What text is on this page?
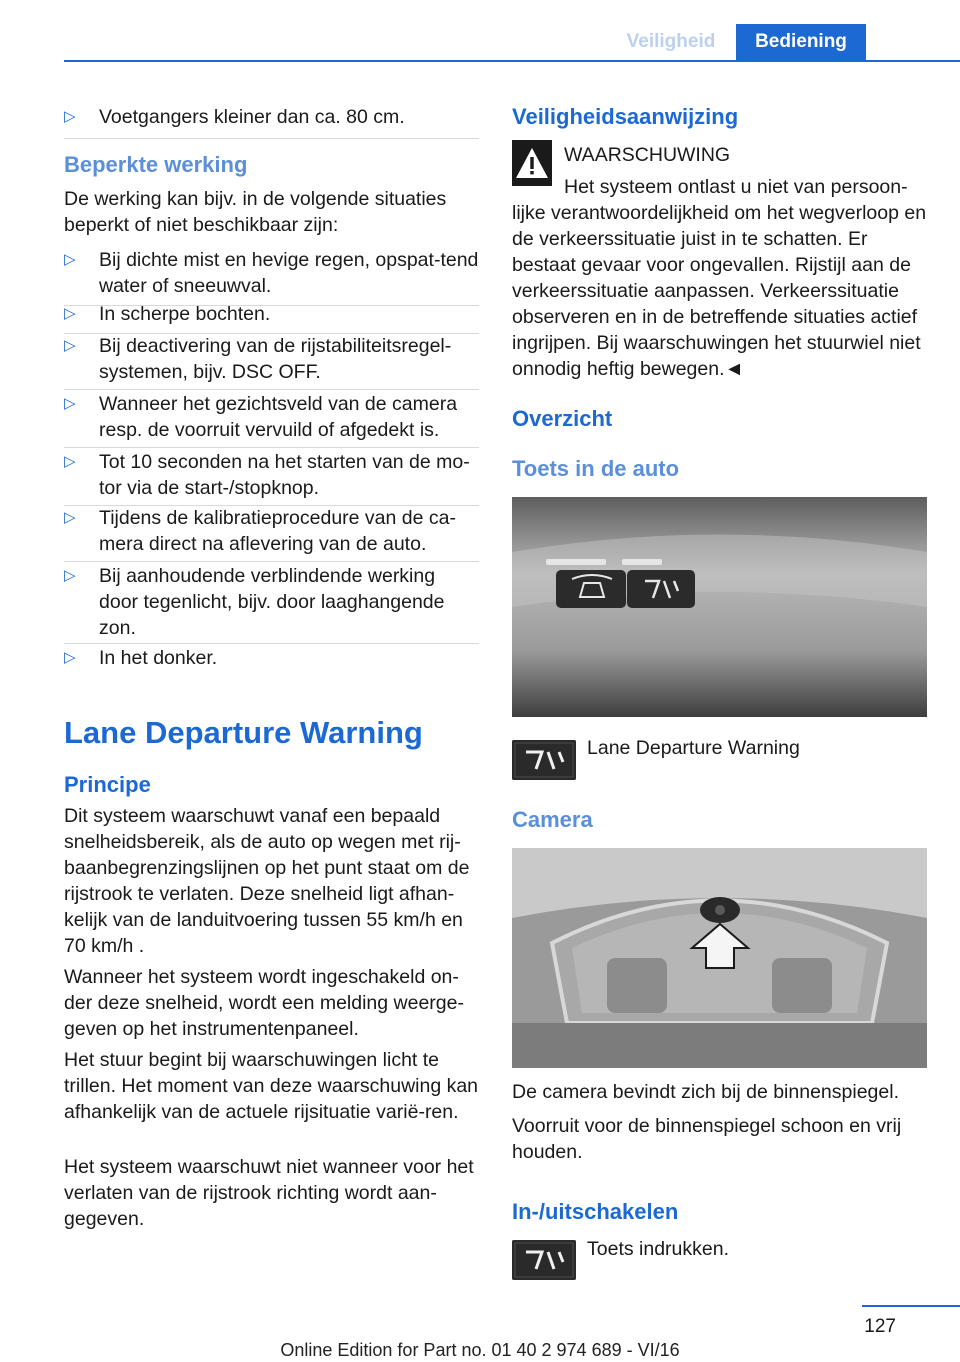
Veiligheid	Bediening
▷ Voetgangers kleiner dan ca. 80 cm.
Beperkte werking

De werking kan bijv. in de volgende situaties beperkt of niet beschikbaar zijn:

▷ Bij dichte mist en hevige regen, opspat-tend water of sneeuwval.
▷ In scherpe bochten.
▷ Bij deactivering van de rijstabiliteitsregel-systemen, bijv. DSC OFF.
▷ Wanneer het gezichtsveld van de camera resp. de voorruit vervuild of afgedekt is.
▷ Tot 10 seconden na het starten van de mo-tor via de start-/stopknop.
▷ Tijdens de kalibratieprocedure van de ca-mera direct na aflevering van de auto.
▷ Bij aanhoudende verblindende werking door tegenlicht, bijv. door laaghangende zon.
▷ In het donker.
Lane Departure Warning
Principe

Dit systeem waarschuwt vanaf een bepaald snelheidsbereik, als de auto op wegen met rij-baanbegrenzingslijnen op het punt staat om de rijstrook te verlaten. Deze snelheid ligt afhan-kelijk van de landuitvoering tussen 55 km/h en 70 km/h .

Wanneer het systeem wordt ingeschakeld on-der deze snelheid, wordt een melding weerge-geven op het instrumentenpaneel.

Het stuur begint bij waarschuwingen licht te trillen. Het moment van deze waarschuwing kan afhankelijk van de actuele rijsituatie varië-ren.

Het systeem waarschuwt niet wanneer voor het verlaten van de rijstrook richting wordt aan-gegeven.

Veiligheidsaanwijzing
WAARSCHUWING
Het systeem ontlast u niet van persoon-

lijke verantwoordelijkheid om het wegverloop en de verkeerssituatie juist in te schatten. Er bestaat gevaar voor ongevallen. Rijstijl aan de verkeerssituatie aanpassen. Verkeerssituatie observeren en in de betreffende situaties actief ingrijpen. Bij waarschuwingen het stuurwiel niet onnodig heftig bewegen.◄

Overzicht
Toets in de auto
Lane Departure Warning
Camera

De camera bevindt zich bij de binnenspiegel.

Voorruit voor de binnenspiegel schoon en vrij houden.

In-/uitschakelen
Toets indrukken.
127
Online Edition for Part no. 01 40 2 974 689 - VI/16
